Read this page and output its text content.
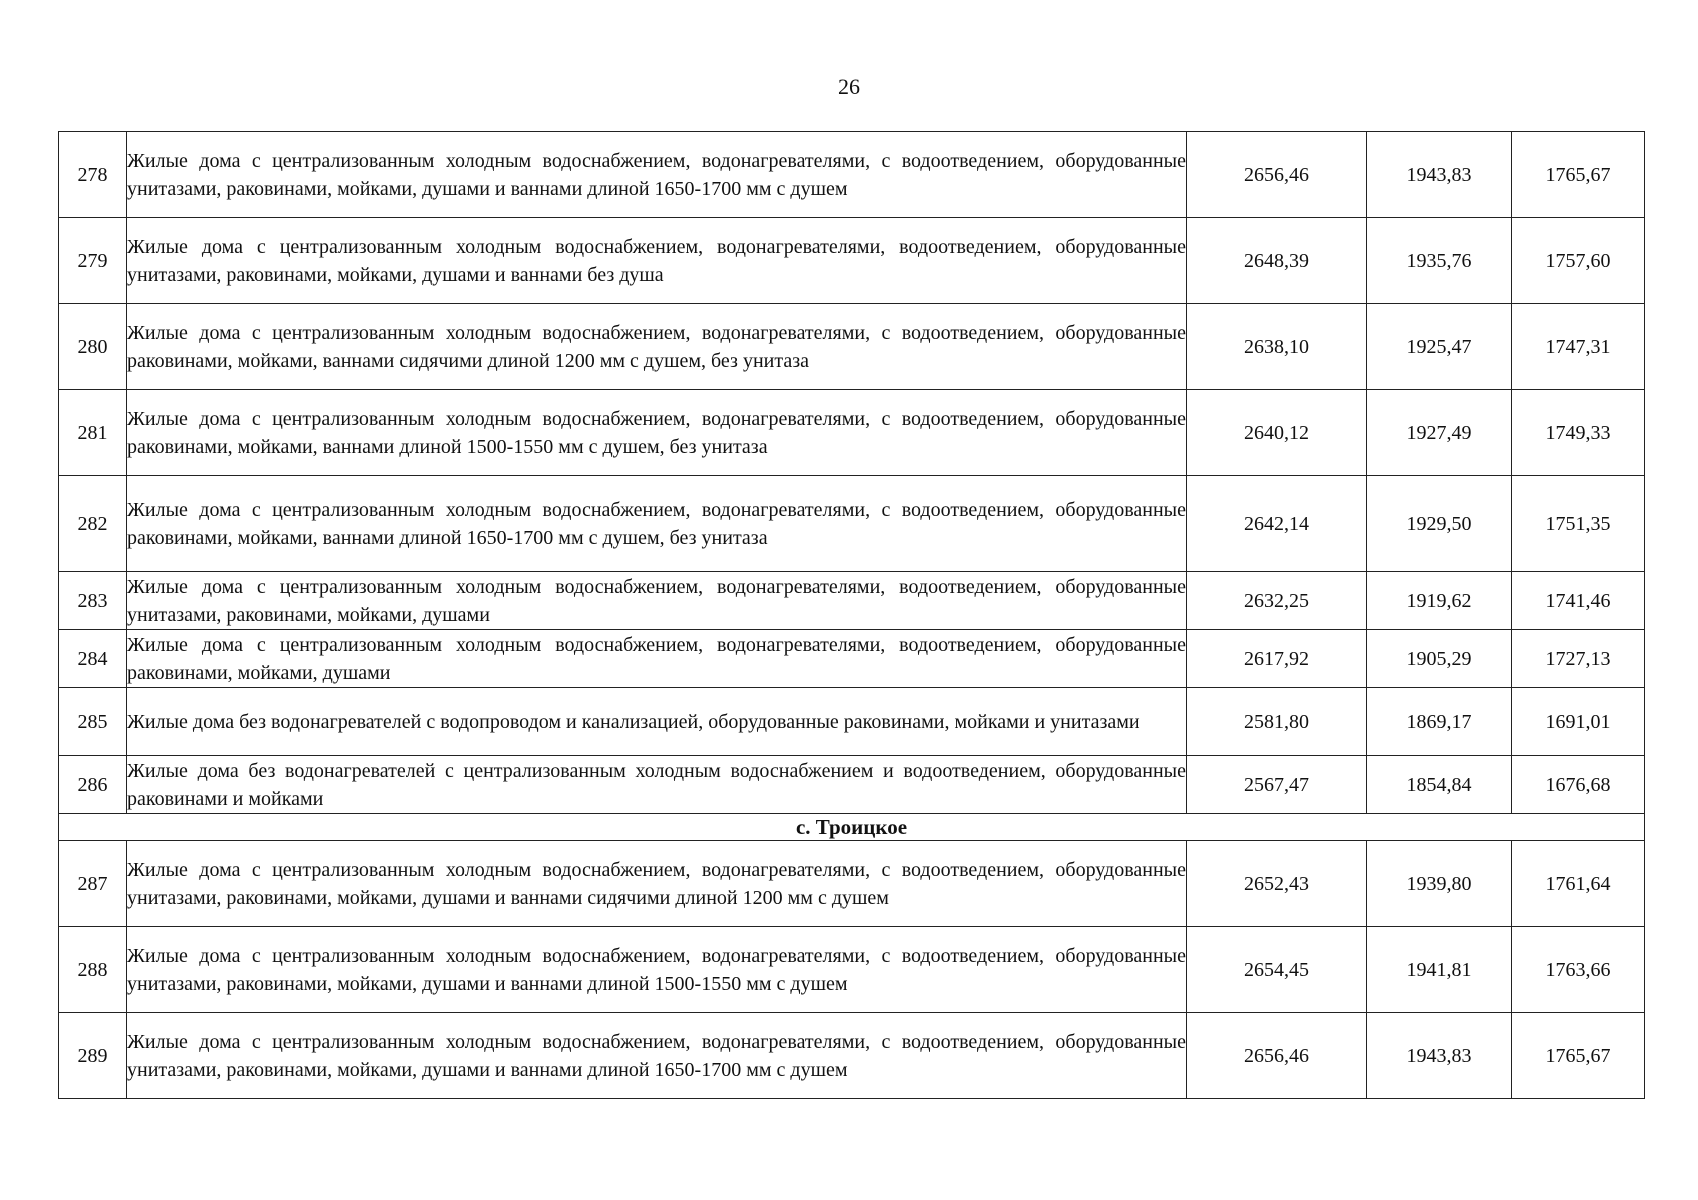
26
278	Жилые дома с централизованным холодным водоснабжением, водонагревателями, с водоотведением, оборудованные унитазами, раковинами, мойками, душами и ваннами длиной 1650-1700 мм с душем	2656,46	1943,83	1765,67
279	Жилые дома с централизованным холодным водоснабжением, водонагревателями, водоотведением, оборудованные унитазами, раковинами, мойками, душами и ваннами без душа	2648,39	1935,76	1757,60
280	Жилые дома с централизованным холодным водоснабжением, водонагревателями, с водоотведением, оборудованные раковинами, мойками, ваннами сидячими длиной 1200 мм с душем, без унитаза	2638,10	1925,47	1747,31
281	Жилые дома с централизованным холодным водоснабжением, водонагревателями, с водоотведением, оборудованные раковинами, мойками, ваннами длиной 1500-1550 мм с душем, без унитаза	2640,12	1927,49	1749,33
282	Жилые дома с централизованным холодным водоснабжением, водонагревателями, с водоотведением, оборудованные раковинами, мойками, ваннами длиной 1650-1700 мм с душем, без унитаза	2642,14	1929,50	1751,35
283	Жилые дома с централизованным холодным водоснабжением, водонагревателями, водоотведением, оборудованные унитазами, раковинами, мойками, душами	2632,25	1919,62	1741,46
284	Жилые дома с централизованным холодным водоснабжением, водонагревателями, водоотведением, оборудованные раковинами, мойками, душами	2617,92	1905,29	1727,13
285	Жилые дома без водонагревателей с водопроводом и канализацией, оборудованные раковинами, мойками и унитазами	2581,80	1869,17	1691,01
286	Жилые дома без водонагревателей с централизованным холодным водоснабжением и водоотведением, оборудованные раковинами и мойками	2567,47	1854,84	1676,68
с. Троицкое				
287	Жилые дома с централизованным холодным водоснабжением, водонагревателями, с водоотведением, оборудованные унитазами, раковинами, мойками, душами и ваннами сидячими длиной 1200 мм с душем	2652,43	1939,80	1761,64
288	Жилые дома с централизованным холодным водоснабжением, водонагревателями, с водоотведением, оборудованные унитазами, раковинами, мойками, душами и ваннами длиной 1500-1550 мм с душем	2654,45	1941,81	1763,66
289	Жилые дома с централизованным холодным водоснабжением, водонагревателями, с водоотведением, оборудованные унитазами, раковинами, мойками, душами и ваннами длиной 1650-1700 мм с душем	2656,46	1943,83	1765,67
